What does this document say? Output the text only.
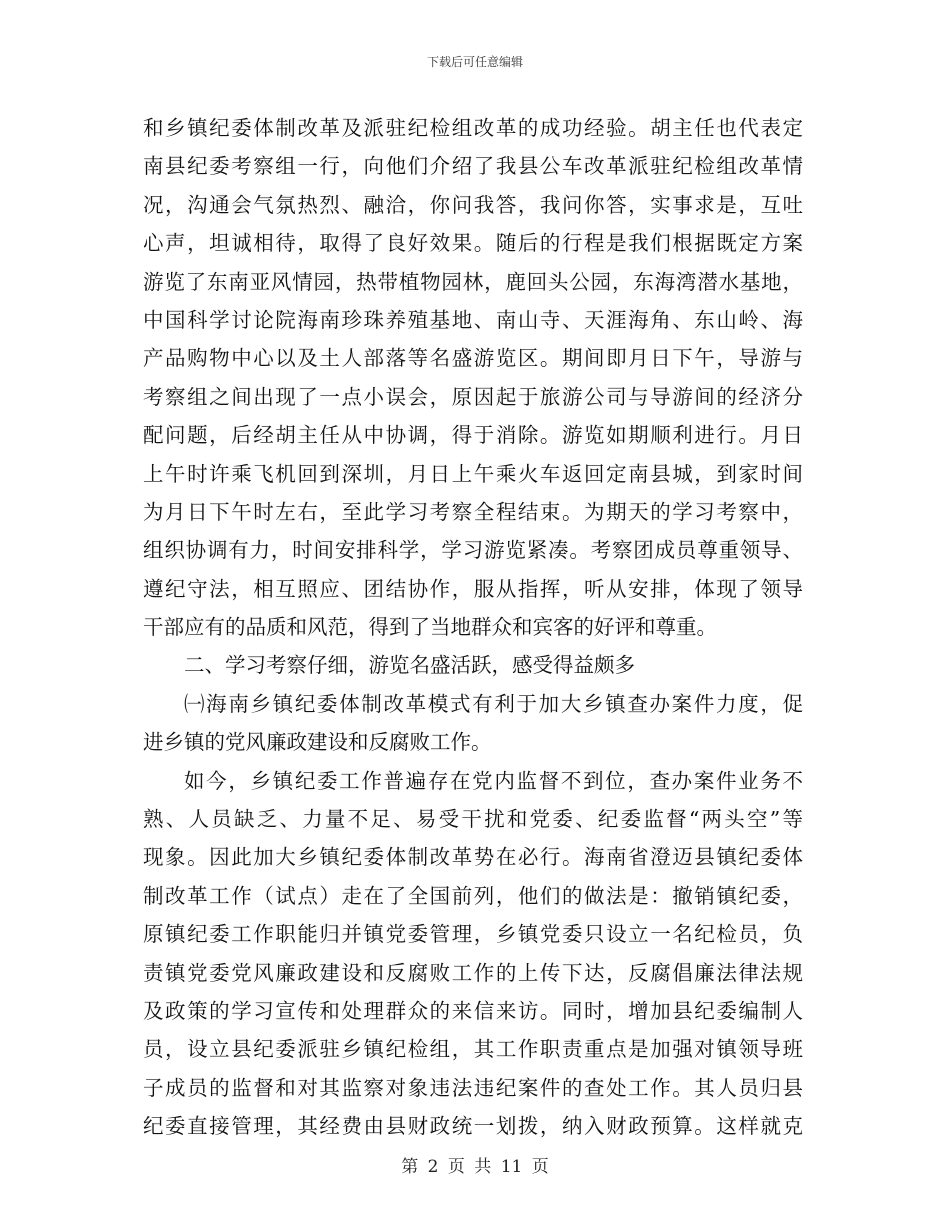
下载后可任意编辑
和乡镇纪委体制改革及派驻纪检组改革的成功经验。胡主任也代表定
南县纪委考察组一行，向他们介绍了我县公车改革派驻纪检组改革情
况，沟通会气氛热烈、融洽，你问我答，我问你答，实事求是，互吐
心声，坦诚相待，取得了良好效果。随后的行程是我们根据既定方案
游览了东南亚风情园，热带植物园林，鹿回头公园，东海湾潜水基地，
中国科学讨论院海南珍珠养殖基地、南山寺、天涯海角、东山岭、海
产品购物中心以及土人部落等名盛游览区。期间即月日下午，导游与
考察组之间出现了一点小误会，原因起于旅游公司与导游间的经济分
配问题，后经胡主任从中协调，得于消除。游览如期顺利进行。月日
上午时许乘飞机回到深圳，月日上午乘火车返回定南县城，到家时间
为月日下午时左右，至此学习考察全程结束。为期天的学习考察中，
组织协调有力，时间安排科学，学习游览紧凑。考察团成员尊重领导、
遵纪守法，相互照应、团结协作，服从指挥，听从安排，体现了领导
干部应有的品质和风范，得到了当地群众和宾客的好评和尊重。
二、学习考察仔细，游览名盛活跃，感受得益颇多
㈠海南乡镇纪委体制改革模式有利于加大乡镇查办案件力度，促
进乡镇的党风廉政建设和反腐败工作。
如今，乡镇纪委工作普遍存在党内监督不到位，查办案件业务不
熟、人员缺乏、力量不足、易受干扰和党委、纪委监督“两头空”等
现象。因此加大乡镇纪委体制改革势在必行。海南省澄迈县镇纪委体
制改革工作（试点）走在了全国前列，他们的做法是：撤销镇纪委，
原镇纪委工作职能归并镇党委管理，乡镇党委只设立一名纪检员，负
责镇党委党风廉政建设和反腐败工作的上传下达，反腐倡廉法律法规
及政策的学习宣传和处理群众的来信来访。同时，增加县纪委编制人
员，设立县纪委派驻乡镇纪检组，其工作职责重点是加强对镇领导班
子成员的监督和对其监察对象违法违纪案件的查处工作。其人员归县
纪委直接管理，其经费由县财政统一划拨，纳入财政预算。这样就克
第 2 页 共 11 页
